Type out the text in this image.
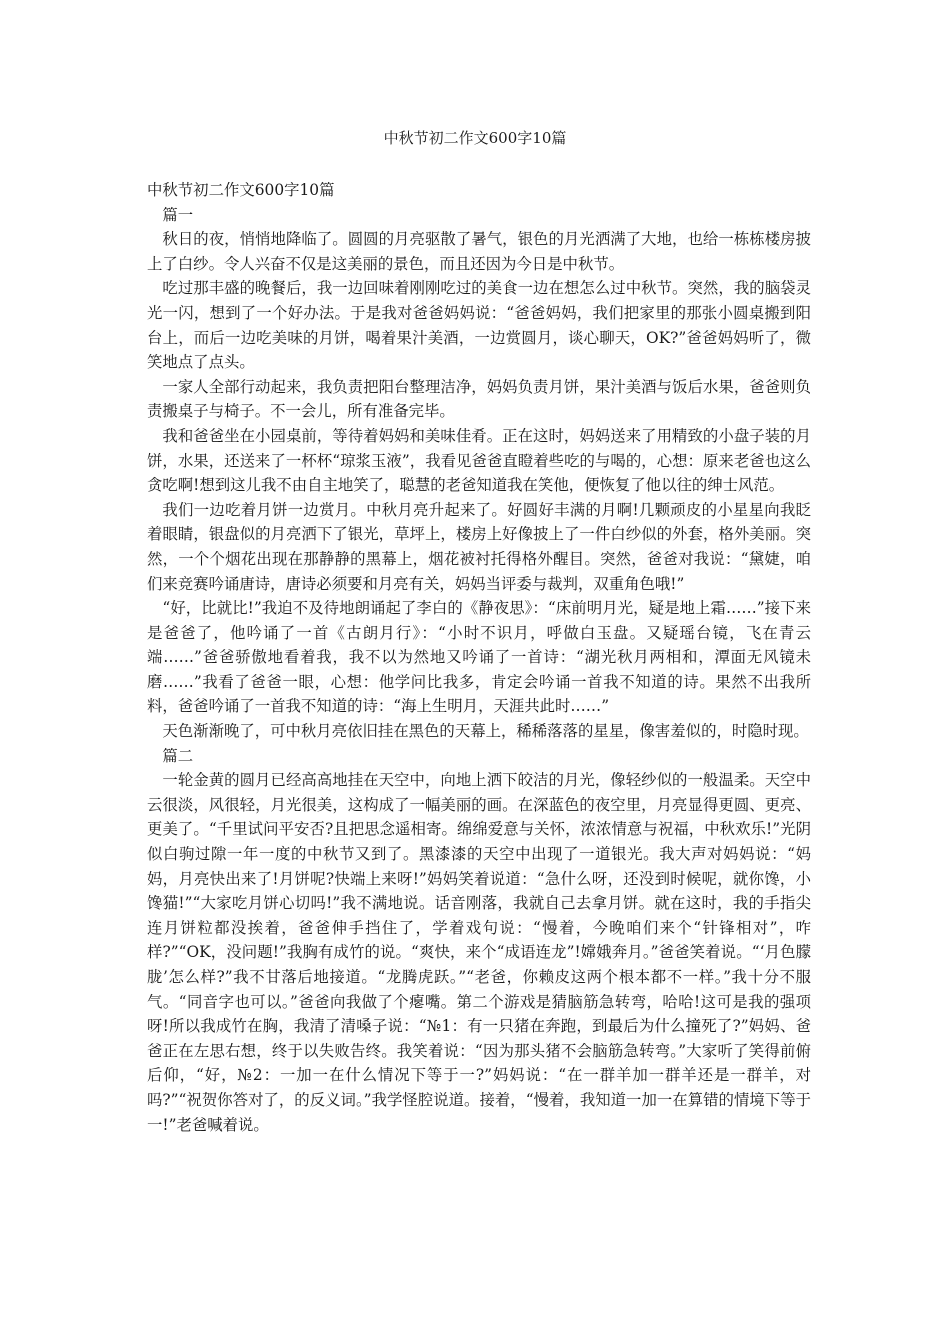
中秋节初二作文600字10篇

中秋节初二作文600字10篇

篇一

秋日的夜，悄悄地降临了。圆圆的月亮驱散了暑气，银色的月光洒满了大地，也给一栋栋楼房披上了白纱。令人兴奋不仅是这美丽的景色，而且还因为今日是中秋节。

吃过那丰盛的晚餐后，我一边回味着刚刚吃过的美食一边在想怎么过中秋节。突然，我的脑袋灵光一闪，想到了一个好办法。于是我对爸爸妈妈说：“爸爸妈妈，我们把家里的那张小圆桌搬到阳台上，而后一边吃美味的月饼，喝着果汁美酒，一边赏圆月，谈心聊天，OK?”爸爸妈妈听了，微笑地点了点头。

一家人全部行动起来，我负责把阳台整理洁净，妈妈负责月饼，果汁美酒与饭后水果，爸爸则负责搬桌子与椅子。不一会儿，所有准备完毕。

我和爸爸坐在小园桌前，等待着妈妈和美味佳肴。正在这时，妈妈送来了用精致的小盘子装的月饼，水果，还送来了一杯杯“琼浆玉液”，我看见爸爸直瞪着些吃的与喝的，心想：原来老爸也这么贪吃啊!想到这儿我不由自主地笑了，聪慧的老爸知道我在笑他，便恢复了他以往的绅士风范。

我们一边吃着月饼一边赏月。中秋月亮升起来了。好圆好丰满的月啊!几颗顽皮的小星星向我眨着眼睛，银盘似的月亮洒下了银光，草坪上，楼房上好像披上了一件白纱似的外套，格外美丽。突然，一个个烟花出现在那静静的黑幕上，烟花被衬托得格外醒目。突然，爸爸对我说：“黛婕，咱们来竞赛吟诵唐诗，唐诗必须要和月亮有关，妈妈当评委与裁判，双重角色哦!”

“好，比就比!”我迫不及待地朗诵起了李白的《静夜思》：“床前明月光，疑是地上霜……”接下来是爸爸了，他吟诵了一首《古朗月行》：“小时不识月，呼做白玉盘。又疑瑶台镜，飞在青云端……”爸爸骄傲地看着我，我不以为然地又吟诵了一首诗：“湖光秋月两相和，潭面无风镜未磨……”我看了爸爸一眼，心想：他学问比我多，肯定会吟诵一首我不知道的诗。果然不出我所料，爸爸吟诵了一首我不知道的诗：“海上生明月，天涯共此时……”

天色渐渐晚了，可中秋月亮依旧挂在黑色的天幕上，稀稀落落的星星，像害羞似的，时隐时现。

篇二

一轮金黄的圆月已经高高地挂在天空中，向地上洒下皎洁的月光，像轻纱似的一般温柔。天空中云很淡，风很轻，月光很美，这构成了一幅美丽的画。在深蓝色的夜空里，月亮显得更圆、更亮、更美了。“千里试问平安否?且把思念遥相寄。绵绵爱意与关怀，浓浓情意与祝福，中秋欢乐!”光阴似白驹过隙一年一度的中秋节又到了。黑漆漆的天空中出现了一道银光。我大声对妈妈说：“妈妈，月亮快出来了!月饼呢?快端上来呀!”妈妈笑着说道：“急什么呀，还没到时候呢，就你馋，小馋猫!”“大家吃月饼心切吗!”我不满地说。话音刚落，我就自己去拿月饼。就在这时，我的手指尖连月饼粒都没挨着，爸爸伸手挡住了，学着戏句说：“慢着，今晚咱们来个“针锋相对”，咋样?”“OK，没问题!”我胸有成竹的说。“爽快，来个“成语连龙”!嫦娥奔月。”爸爸笑着说。“‘月色朦胧’怎么样?”我不甘落后地接道。“龙腾虎跃。”“老爸，你赖皮这两个根本都不一样。”我十分不服气。“同音字也可以。”爸爸向我做了个瘪嘴。第二个游戏是猜脑筋急转弯，哈哈!这可是我的强项呀!所以我成竹在胸，我清了清嗓子说：“№1：有一只猪在奔跑，到最后为什么撞死了?”妈妈、爸爸正在左思右想，终于以失败告终。我笑着说：“因为那头猪不会脑筋急转弯。”大家听了笑得前俯后仰，“好，№2：一加一在什么情况下等于一?”妈妈说：“在一群羊加一群羊还是一群羊，对吗?”“祝贺你答对了，的反义词。”我学怪腔说道。接着，“慢着，我知道一加一在算错的情境下等于一!”老爸喊着说。
